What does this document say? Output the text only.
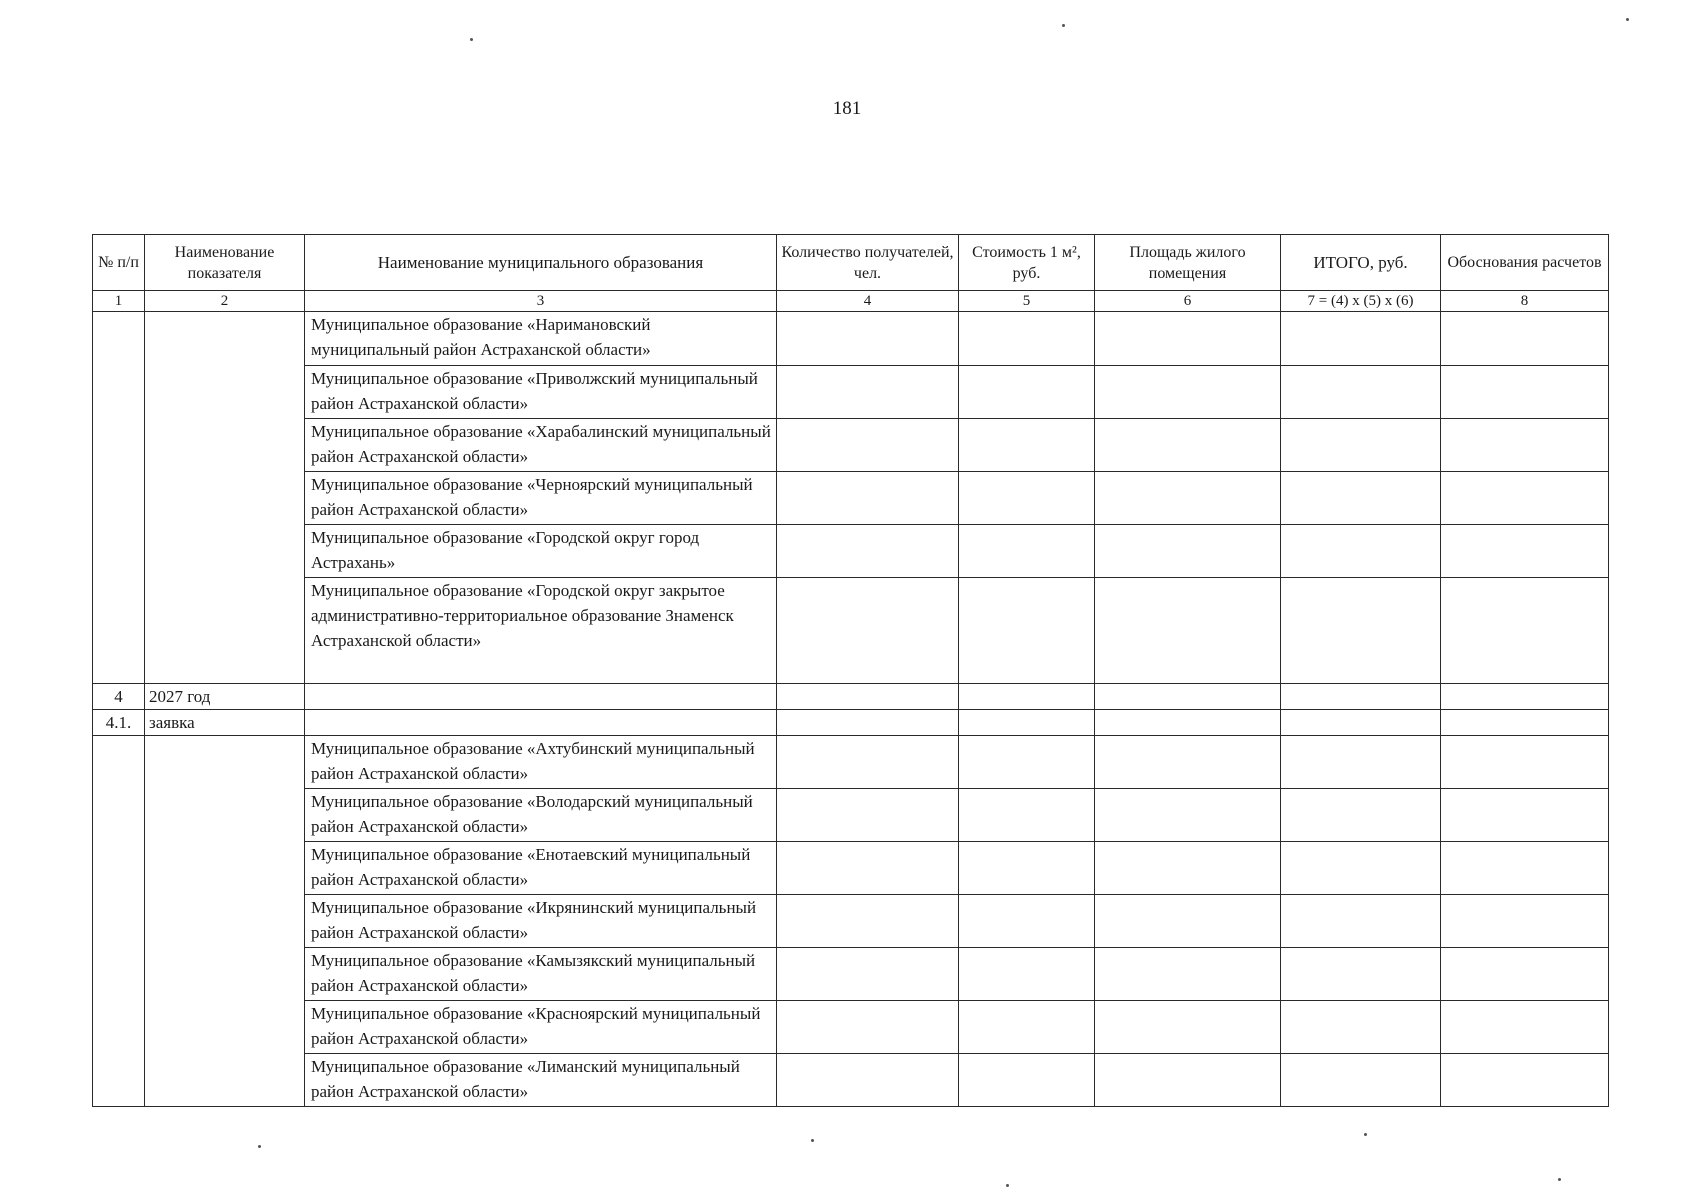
181
№ п/п	Наименование показателя	Наименование муниципального образования	Количество получателей, чел.	Стоимость 1 м², руб.	Площадь жилого помещения	ИТОГО, руб.	Обоснования расчетов
1	2	3	4	5	6	7 = (4) x (5) x (6)	8
		Муниципальное образование «Наримановский муниципальный район Астраханской области»					
		Муниципальное образование «Приволжский муниципальный район Астраханской области»					
		Муниципальное образование «Харабалинский муниципальный район Астраханской области»					
		Муниципальное образование «Черноярский муниципальный район Астраханской области»					
		Муниципальное образование «Городской округ город Астрахань»					
		Муниципальное образование «Городской округ закрытое административно-территориальное образование Знаменск Астраханской области»					
4	2027 год						
4.1.	заявка						
		Муниципальное образование «Ахтубинский муниципальный район Астраханской области»					
		Муниципальное образование «Володарский муниципальный район Астраханской области»					
		Муниципальное образование «Енотаевский муниципальный район Астраханской области»					
		Муниципальное образование «Икрянинский муниципальный район Астраханской области»					
		Муниципальное образование «Камызякский муниципальный район Астраханской области»					
		Муниципальное образование «Красноярский муниципальный район Астраханской области»					
		Муниципальное образование «Лиманский муниципальный район Астраханской области»					
